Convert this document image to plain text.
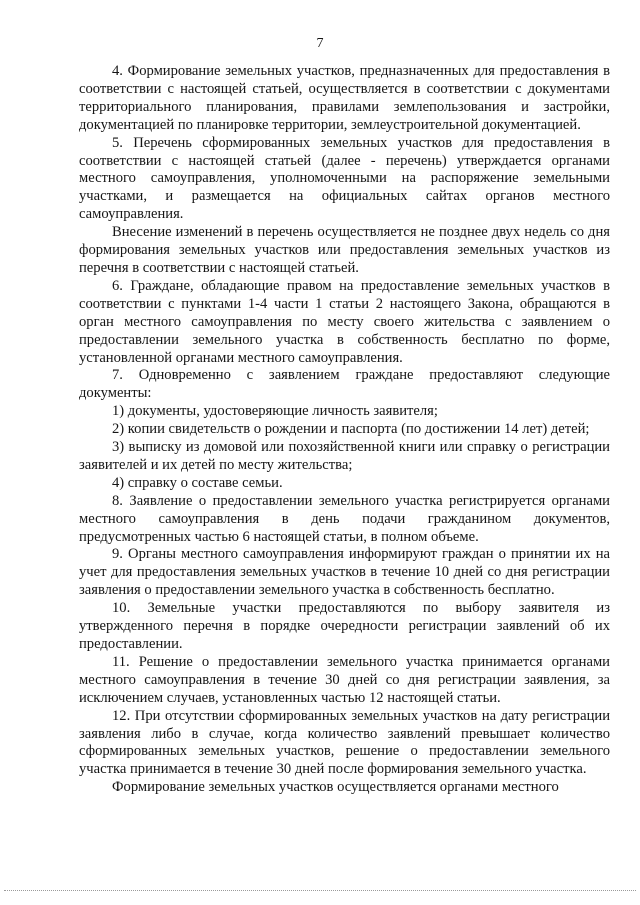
7

4. Формирование земельных участков, предназначенных для предоставления в соответствии с настоящей статьей, осуществляется в соответствии с документами территориального планирования, правилами землепользования и застройки, документацией по планировке территории, землеустроительной документацией.

5. Перечень сформированных земельных участков для предоставления в соответствии с настоящей статьей (далее - перечень) утверждается органами местного самоуправления, уполномоченными на распоряжение земельными участками, и размещается на официальных сайтах органов местного самоуправления.

Внесение изменений в перечень осуществляется не позднее двух недель со дня формирования земельных участков или предоставления земельных участков из перечня в соответствии с настоящей статьей.

6. Граждане, обладающие правом на предоставление земельных участков в соответствии с пунктами 1-4 части 1 статьи 2 настоящего Закона, обращаются в орган местного самоуправления по месту своего жительства с заявлением о предоставлении земельного участка в собственность бесплатно по форме, установленной органами местного самоуправления.

7. Одновременно с заявлением граждане предоставляют следующие документы:

1) документы, удостоверяющие личность заявителя;

2) копии свидетельств о рождении и паспорта (по достижении 14 лет) детей;

3) выписку из домовой или похозяйственной книги или справку о регистрации заявителей и их детей по месту жительства;

4) справку о составе семьи.

8. Заявление о предоставлении земельного участка регистрируется органами местного самоуправления в день подачи гражданином документов, предусмотренных частью 6 настоящей статьи, в полном объеме.

9. Органы местного самоуправления информируют граждан о принятии их на учет для предоставления земельных участков в течение 10 дней со дня регистрации заявления о предоставлении земельного участка в собственность бесплатно.

10. Земельные участки предоставляются по выбору заявителя из утвержденного перечня в порядке очередности регистрации заявлений об их предоставлении.

11. Решение о предоставлении земельного участка принимается органами местного самоуправления в течение 30 дней со дня регистрации заявления, за исключением случаев, установленных частью 12 настоящей статьи.

12. При отсутствии сформированных земельных участков на дату регистрации заявления либо в случае, когда количество заявлений превышает количество сформированных земельных участков, решение о предоставлении земельного участка принимается в течение 30 дней после формирования земельного участка.

Формирование земельных участков осуществляется органами местного
